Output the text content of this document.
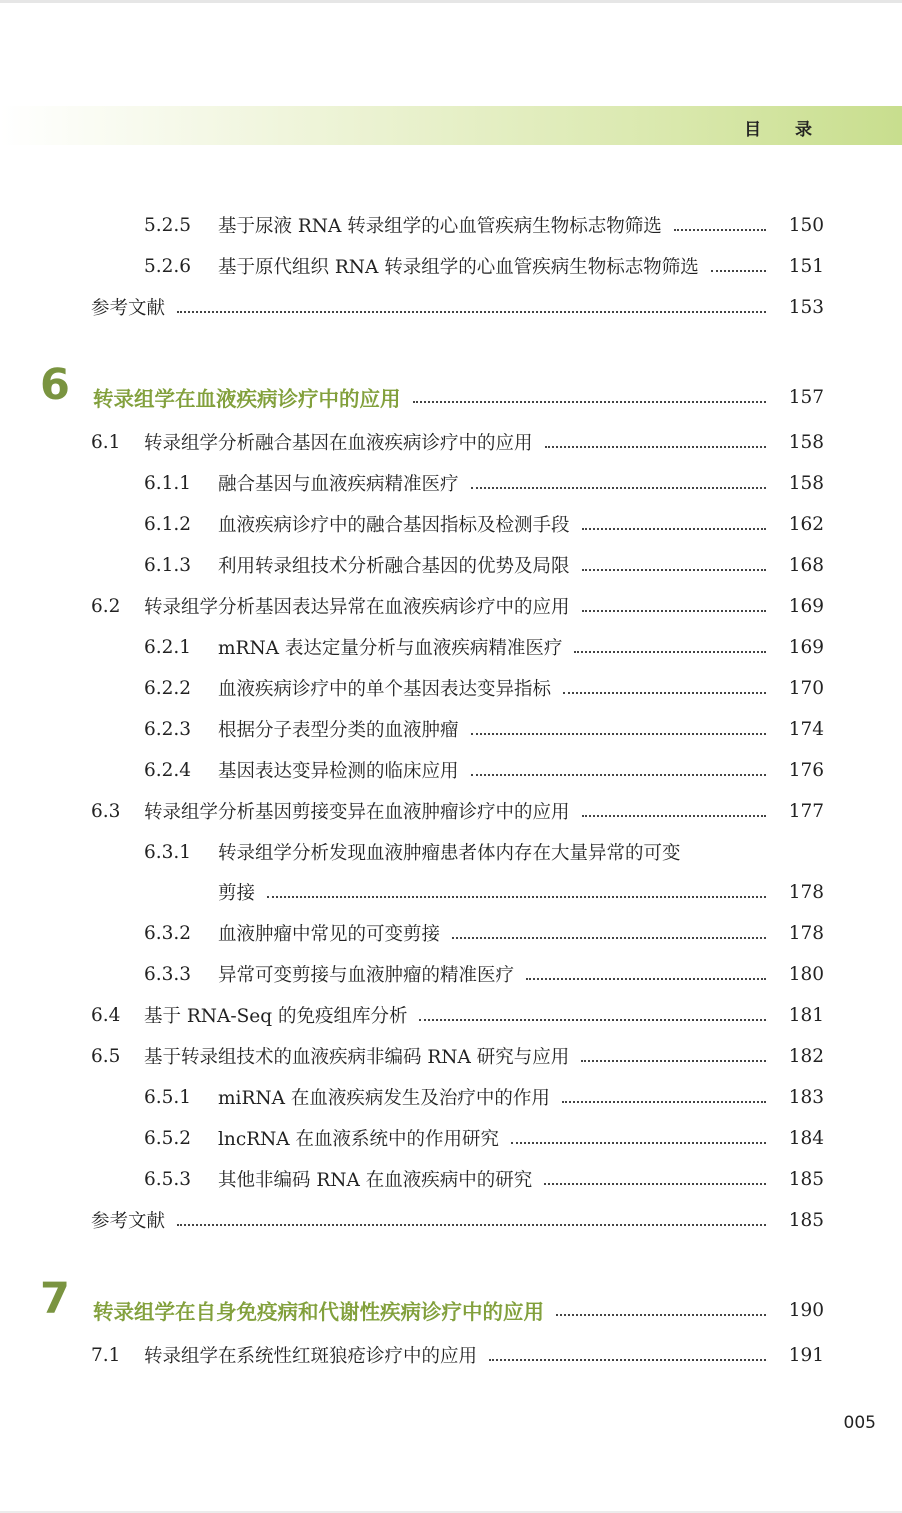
目 录
5.2.5 基于尿液 RNA 转录组学的心血管疾病生物标志物筛选	150
5.2.6 基于原代组织 RNA 转录组学的心血管疾病生物标志物筛选	151
参考文献	153
6 转录组学在血液疾病诊疗中的应用	157
6.1 转录组学分析融合基因在血液疾病诊疗中的应用	158
6.1.1 融合基因与血液疾病精准医疗	158
6.1.2 血液疾病诊疗中的融合基因指标及检测手段	162
6.1.3 利用转录组技术分析融合基因的优势及局限	168
6.2 转录组学分析基因表达异常在血液疾病诊疗中的应用	169
6.2.1 mRNA 表达定量分析与血液疾病精准医疗	169
6.2.2 血液疾病诊疗中的单个基因表达变异指标	170
6.2.3 根据分子表型分类的血液肿瘤	174
6.2.4 基因表达变异检测的临床应用	176
6.3 转录组学分析基因剪接变异在血液肿瘤诊疗中的应用	177
6.3.1 转录组学分析发现血液肿瘤患者体内存在大量异常的可变
剪接	178
6.3.2 血液肿瘤中常见的可变剪接	178
6.3.3 异常可变剪接与血液肿瘤的精准医疗	180
6.4 基于 RNA-Seq 的免疫组库分析	181
6.5 基于转录组技术的血液疾病非编码 RNA 研究与应用	182
6.5.1 miRNA 在血液疾病发生及治疗中的作用	183
6.5.2 lncRNA 在血液系统中的作用研究	184
6.5.3 其他非编码 RNA 在血液疾病中的研究	185
参考文献	185
7 转录组学在自身免疫病和代谢性疾病诊疗中的应用	190
7.1 转录组学在系统性红斑狼疮诊疗中的应用	191
005
